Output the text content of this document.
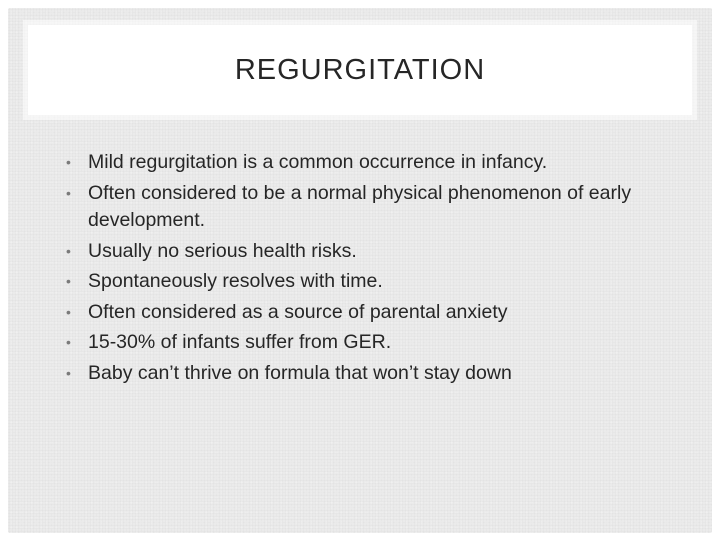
REGURGITATION
• Mild regurgitation is a common occurrence in infancy.
• Often considered to be a normal physical phenomenon of early development.
• Usually no serious health risks.
• Spontaneously resolves with time.
• Often considered as a source of parental anxiety
• 15-30% of infants suffer from GER.
• Baby can’t thrive on formula that won’t stay down
